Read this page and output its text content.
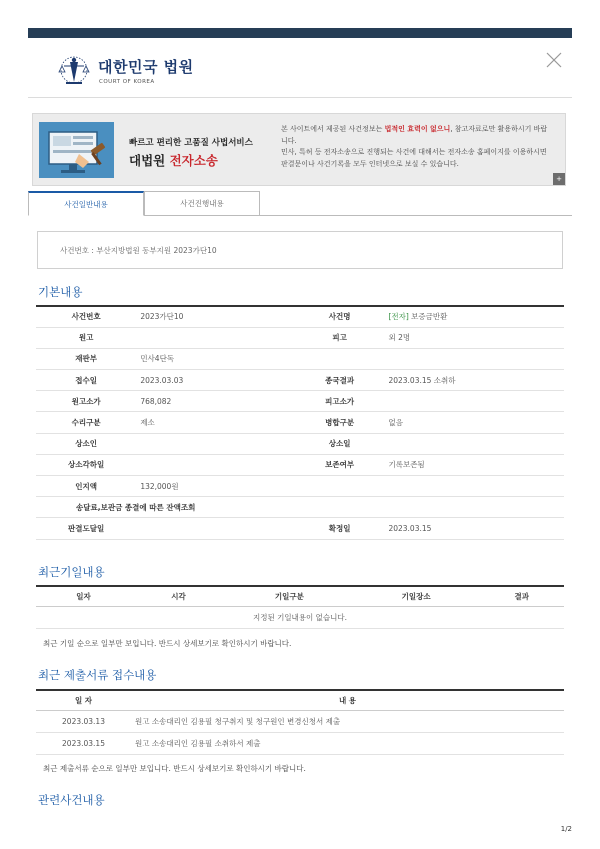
대한민국 법원
COURT OF KOREA
빠르고 편리한 고품질 사법서비스
대법원 전자소송
본 사이트에서 제공된 사건정보는 법적인 효력이 없으니, 참고자료로만 활용하시기 바랍니다.
민사, 특허 등 전자소송으로 진행되는 사건에 대해서는 전자소송 홈페이지를 이용하시면 판결문이나 사건기록을 모두 인터넷으로 보실 수 있습니다.
+
사건일반내용	사건진행내용
사건번호 : 부산지방법원 동부지원 2023가단10
기본내용
사건번호	2023가단10	사건명	[전자] 보증금반환
원고		피고	외 2명
재판부	민사4단독		
접수일	2023.03.03	종국결과	2023.03.15 소취하
원고소가	768,082	피고소가	
수리구분	제소	병합구분	없음
상소인		상소일	
상소각하일		보존여부	기록보존됨
인지액	132,000원		
송달료,보관금 종결에 따른 잔액조회			
판결도달일		확정일	2023.03.15
최근기일내용
일자	시각	기일구분	기일장소	결과
지정된 기일내용이 없습니다.
최근 기일 순으로 일부만 보입니다. 반드시 상세보기로 확인하시기 바랍니다.
최근 제출서류 접수내용
일 자	내 용
2023.03.13	원고 소송대리인 김용필 청구취지 및 청구원인 변경신청서 제출
2023.03.15	원고 소송대리인 김용필 소취하서 제출
최근 제출서류 순으로 일부만 보입니다. 반드시 상세보기로 확인하시기 바랍니다.
관련사건내용
1/2
